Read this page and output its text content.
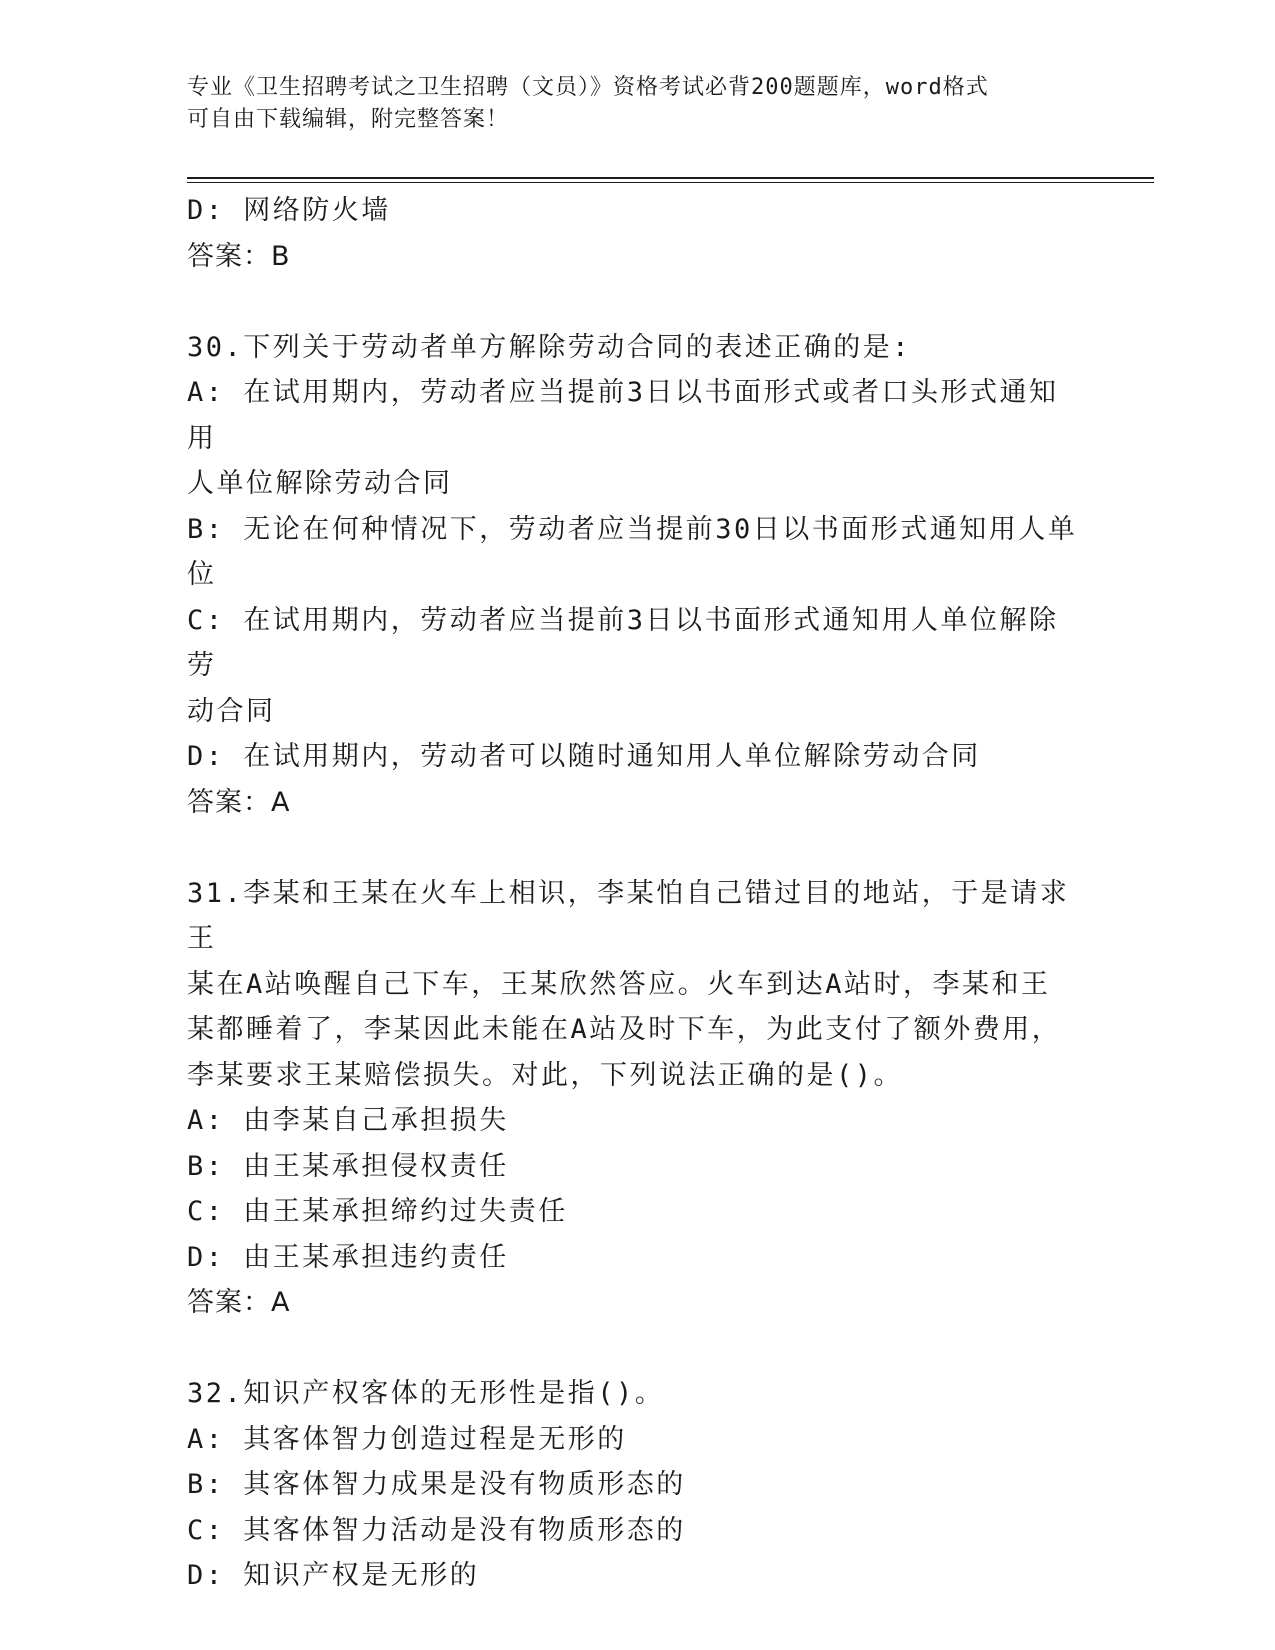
专业《卫生招聘考试之卫生招聘（文员）》资格考试必背200题题库，word格式
可自由下载编辑，附完整答案！
D: 网络防火墙
答案：B
30.下列关于劳动者单方解除劳动合同的表述正确的是:
A: 在试用期内，劳动者应当提前3日以书面形式或者口头形式通知用
人单位解除劳动合同
B: 无论在何种情况下，劳动者应当提前30日以书面形式通知用人单
位
C: 在试用期内，劳动者应当提前3日以书面形式通知用人单位解除劳
动合同
D: 在试用期内，劳动者可以随时通知用人单位解除劳动合同
答案：A
31.李某和王某在火车上相识，李某怕自己错过目的地站，于是请求王
某在A站唤醒自己下车，王某欣然答应。火车到达A站时，李某和王
某都睡着了，李某因此未能在A站及时下车，为此支付了额外费用，
李某要求王某赔偿损失。对此，下列说法正确的是()。
A: 由李某自己承担损失
B: 由王某承担侵权责任
C: 由王某承担缔约过失责任
D: 由王某承担违约责任
答案：A
32.知识产权客体的无形性是指()。
A: 其客体智力创造过程是无形的
B: 其客体智力成果是没有物质形态的
C: 其客体智力活动是没有物质形态的
D: 知识产权是无形的
